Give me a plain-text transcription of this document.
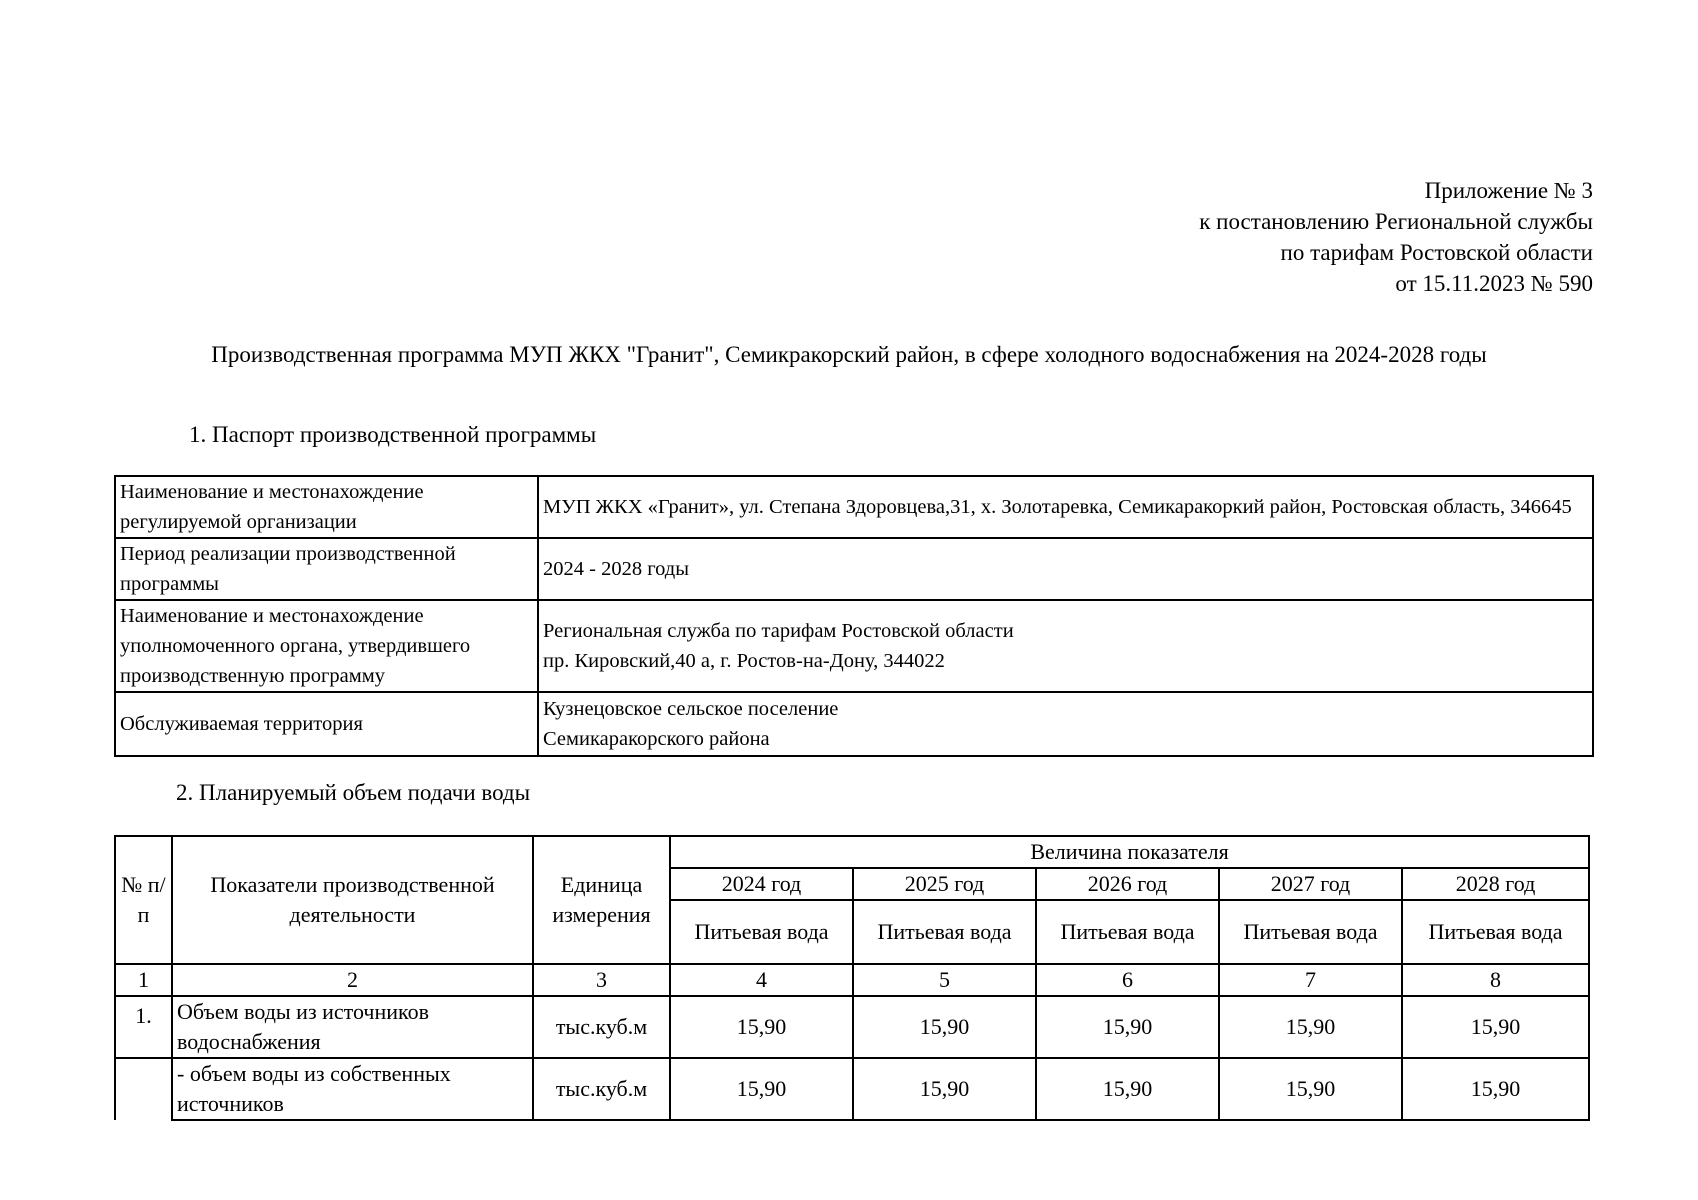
Приложение № 3
к постановлению Региональной службы
по тарифам Ростовской области
от 15.11.2023 № 590
Производственная программа МУП ЖКХ "Гранит", Семикракорский район, в сфере холодного водоснабжения на 2024-2028 годы
1. Паспорт производственной программы
Наименование и местонахождение регулируемой организации	МУП ЖКХ «Гранит», ул. Степана Здоровцева,31, х. Золотаревка, Семикаракоркий район, Ростовская область, 346645
Период реализации производственной программы	2024 - 2028 годы
Наименование и местонахождение уполномоченного органа, утвердившего производственную программу	Региональная служба по тарифам Ростовской области
пр. Кировский,40 а, г. Ростов-на-Дону, 344022

Обслуживаемая территория	Кузнецовское сельское поселение
Семикаракорского района
2. Планируемый объем подачи воды
№ п/п	Показатели производственной деятельности	Единица измерения	Величина показателя				
			2024 год	2025 год	2026 год	2027 год	2028 год
			Питьевая вода	Питьевая вода	Питьевая вода	Питьевая вода	Питьевая вода
1	2	3	4	5	6	7	8
1.	Объем воды из источников водоснабжения	тыс.куб.м	15,90	15,90	15,90	15,90	15,90
	- объем воды из собственных источников	тыс.куб.м	15,90	15,90	15,90	15,90	15,90
